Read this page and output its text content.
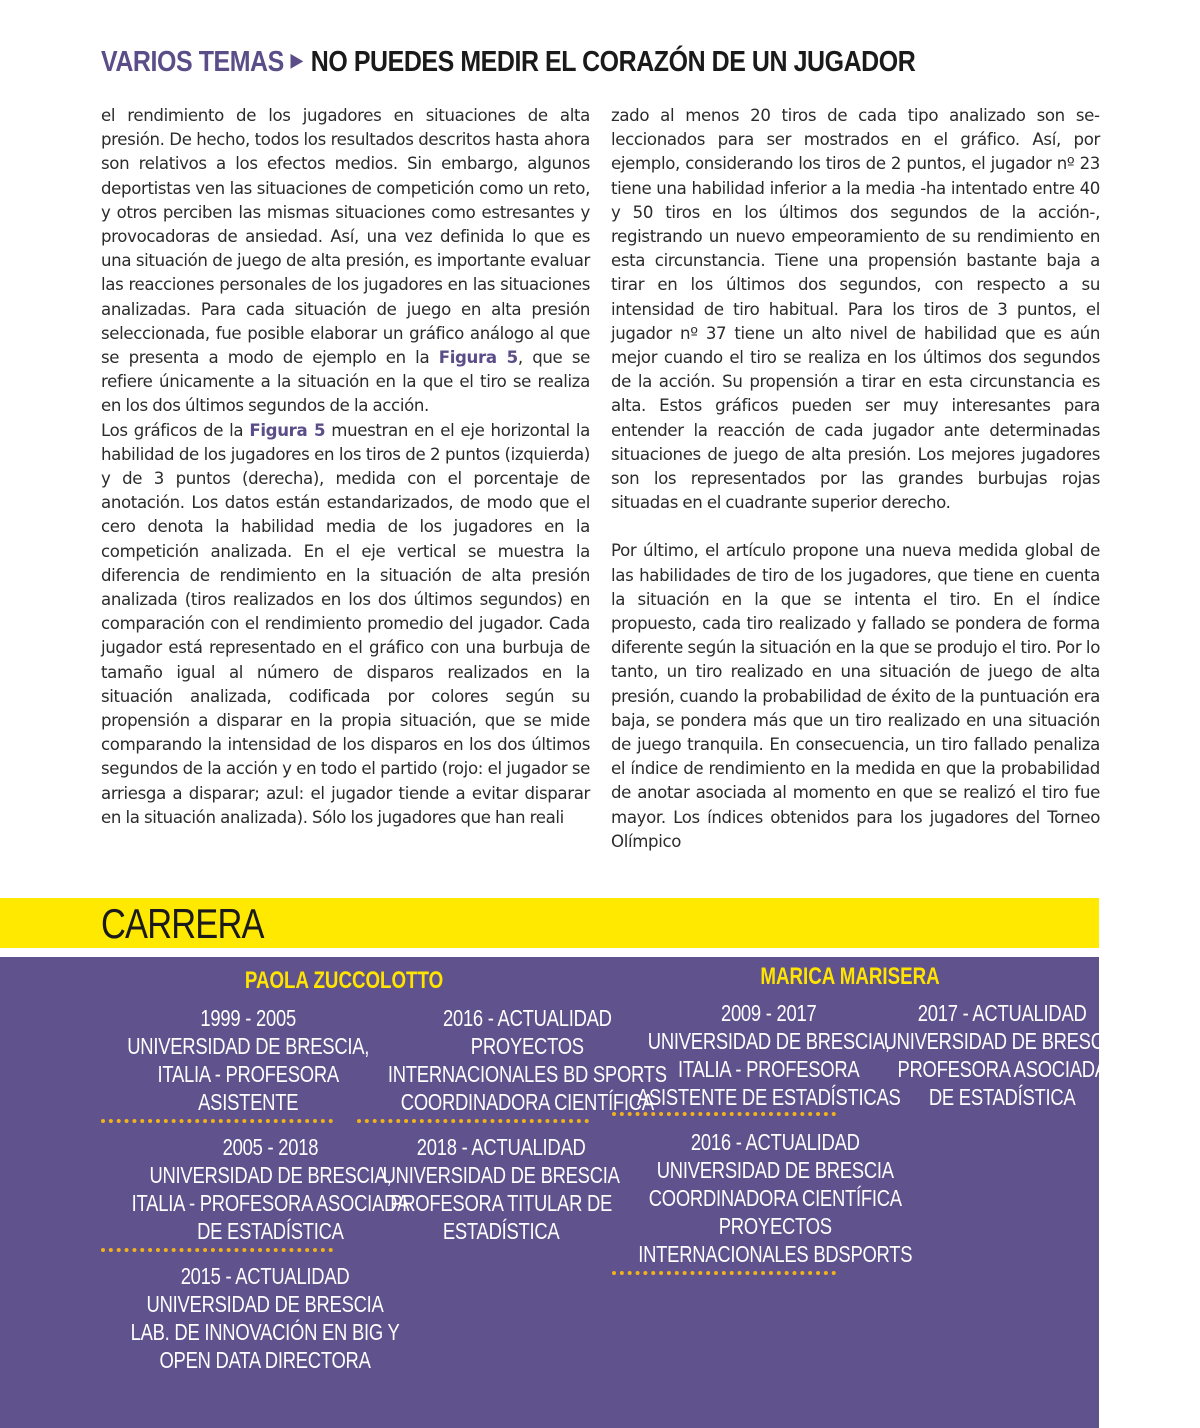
VARIOS TEMAS ▶ NO PUEDES MEDIR EL CORAZÓN DE UN JUGADOR

el rendimiento de los jugadores en situaciones de alta presión. De hecho, todos los resultados descritos hasta ahora son relativos a los efectos medios. Sin embargo, algunos deportistas ven las situaciones de competición como un reto, y otros perciben las mismas situaciones como estresantes y provocadoras de ansiedad. Así, una vez definida lo que es una situación de juego de alta presión, es importante evaluar las reacciones personales de los jugadores en las situaciones analizadas. Para cada situación de juego en alta presión seleccionada, fue posible elaborar un gráfico análogo al que se presenta a modo de ejemplo en la Figura 5, que se refiere únicamente a la situación en la que el tiro se realiza en los dos últimos segundos de la acción.

Los gráficos de la Figura 5 muestran en el eje horizontal la habilidad de los jugadores en los tiros de 2 puntos (izquierda) y de 3 puntos (derecha), medida con el porcentaje de anotación. Los datos están estandarizados, de modo que el cero denota la habilidad media de los jugadores en la competición analizada. En el eje vertical se muestra la diferencia de rendimiento en la situación de alta presión analizada (tiros realizados en los dos últimos segundos) en comparación con el rendimiento promedio del jugador. Cada jugador está representado en el gráfico con una burbuja de tamaño igual al número de disparos realizados en la situación analizada, codificada por colores según su propensión a disparar en la propia situación, que se mide comparando la intensidad de los disparos en los dos últimos segundos de la acción y en todo el partido (rojo: el jugador se arriesga a disparar; azul: el jugador tiende a evitar disparar en la situación analizada). Sólo los jugadores que han reali

zado al menos 20 tiros de cada tipo analizado son seleccionados para ser mostrados en el gráfico. Así, por ejemplo, considerando los tiros de 2 puntos, el jugador nº 23 tiene una habilidad inferior a la media -ha intentado entre 40 y 50 tiros en los últimos dos segundos de la acción-, registrando un nuevo empeoramiento de su rendimiento en esta circunstancia. Tiene una propensión bastante baja a tirar en los últimos dos segundos, con respecto a su intensidad de tiro habitual. Para los tiros de 3 puntos, el jugador nº 37 tiene un alto nivel de habilidad que es aún mejor cuando el tiro se realiza en los últimos dos segundos de la acción. Su propensión a tirar en esta circunstancia es alta. Estos gráficos pueden ser muy interesantes para entender la reacción de cada jugador ante determinadas situaciones de juego de alta presión. Los mejores jugadores son los representados por las grandes burbujas rojas situadas en el cuadrante superior derecho.

Por último, el artículo propone una nueva medida global de las habilidades de tiro de los jugadores, que tiene en cuenta la situación en la que se intenta el tiro. En el índice propuesto, cada tiro realizado y fallado se pondera de forma diferente según la situación en la que se produjo el tiro. Por lo tanto, un tiro realizado en una situación de juego de alta presión, cuando la probabilidad de éxito de la puntuación era baja, se pondera más que un tiro realizado en una situación de juego tranquila. En consecuencia, un tiro fallado penaliza el índice de rendimiento en la medida en que la probabilidad de anotar asociada al momento en que se realizó el tiro fue mayor. Los índices obtenidos para los jugadores del Torneo Olímpico

CARRERA
PAOLA ZUCCOLOTTO	MARICA MARISERA
1999 - 2005
UNIVERSIDAD DE BRESCIA,
ITALIA - PROFESORA
ASISTENTE
2016 - ACTUALIDAD
PROYECTOS
INTERNACIONALES BD SPORTS
COORDINADORA CIENTÍFICA
2005 - 2018
UNIVERSIDAD DE BRESCIA,
ITALIA - PROFESORA ASOCIADA
DE ESTADÍSTICA
2018 - ACTUALIDAD
UNIVERSIDAD DE BRESCIA
PROFESORA TITULAR DE
ESTADÍSTICA
2015 - ACTUALIDAD
UNIVERSIDAD DE BRESCIA
LAB. DE INNOVACIÓN EN BIG Y
OPEN DATA DIRECTORA
2009 - 2017
UNIVERSIDAD DE BRESCIA,
ITALIA - PROFESORA
ASISTENTE DE ESTADÍSTICAS
2017 - ACTUALIDAD
UNIVERSIDAD DE BRESCIA
PROFESORA ASOCIADA
DE ESTADÍSTICA
2016 - ACTUALIDAD
UNIVERSIDAD DE BRESCIA
COORDINADORA CIENTÍFICA
PROYECTOS
INTERNACIONALES BDSPORTS
